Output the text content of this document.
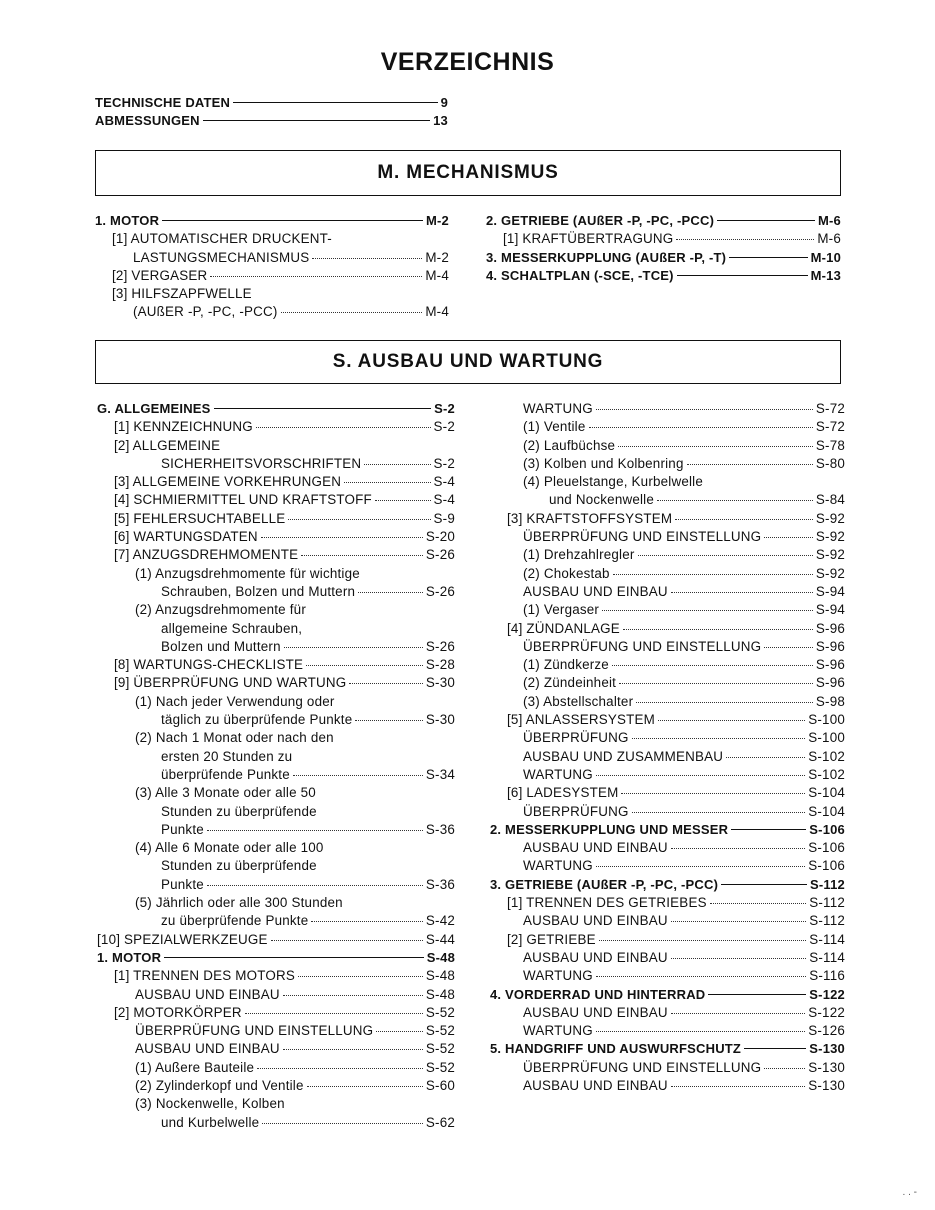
VERZEICHNIS
TECHNISCHE DATEN	9
ABMESSUNGEN	13
M. MECHANISMUS
1. MOTOR	M-2
[1] AUTOMATISCHER DRUCKENT-
LASTUNGSMECHANISMUS	M-2
[2] VERGASER	M-4
[3] HILFSZAPFWELLE
(AUßER -P, -PC, -PCC)	M-4
2. GETRIEBE (AUßER -P, -PC, -PCC)	M-6
[1] KRAFTÜBERTRAGUNG	M-6
3. MESSERKUPPLUNG (AUßER -P, -T)	M-10
4. SCHALTPLAN (-SCE, -TCE)	M-13
S. AUSBAU UND WARTUNG
G. ALLGEMEINES	S-2
[1] KENNZEICHNUNG	S-2
[2] ALLGEMEINE
SICHERHEITSVORSCHRIFTEN	S-2
[3] ALLGEMEINE VORKEHRUNGEN	S-4
[4] SCHMIERMITTEL UND KRAFTSTOFF	S-4
[5] FEHLERSUCHTABELLE	S-9
[6] WARTUNGSDATEN	S-20
[7] ANZUGSDREHMOMENTE	S-26
(1) Anzugsdrehmomente für wichtige
Schrauben, Bolzen und Muttern	S-26
(2) Anzugsdrehmomente für
allgemeine Schrauben,
Bolzen und Muttern	S-26
[8] WARTUNGS-CHECKLISTE	S-28
[9] ÜBERPRÜFUNG UND WARTUNG	S-30
(1) Nach jeder Verwendung oder
täglich zu überprüfende Punkte	S-30
(2) Nach 1 Monat oder nach den
ersten 20 Stunden zu
überprüfende Punkte	S-34
(3) Alle 3 Monate oder alle 50
Stunden zu überprüfende
Punkte	S-36
(4) Alle 6 Monate oder alle 100
Stunden zu überprüfende
Punkte	S-36
(5) Jährlich oder alle 300 Stunden
zu überprüfende Punkte	S-42
[10] SPEZIALWERKZEUGE	S-44
1. MOTOR	S-48
[1] TRENNEN DES MOTORS	S-48
AUSBAU UND EINBAU	S-48
[2] MOTORKÖRPER	S-52
ÜBERPRÜFUNG UND EINSTELLUNG	S-52
AUSBAU UND EINBAU	S-52
(1) Außere Bauteile	S-52
(2) Zylinderkopf und Ventile	S-60
(3) Nockenwelle, Kolben
und Kurbelwelle	S-62
WARTUNG	S-72
(1) Ventile	S-72
(2) Laufbüchse	S-78
(3) Kolben und Kolbenring	S-80
(4) Pleuelstange, Kurbelwelle
und Nockenwelle	S-84
[3] KRAFTSTOFFSYSTEM	S-92
ÜBERPRÜFUNG UND EINSTELLUNG	S-92
(1) Drehzahlregler	S-92
(2) Chokestab	S-92
AUSBAU UND EINBAU	S-94
(1) Vergaser	S-94
[4] ZÜNDANLAGE	S-96
ÜBERPRÜFUNG UND EINSTELLUNG	S-96
(1) Zündkerze	S-96
(2) Zündeinheit	S-96
(3) Abstellschalter	S-98
[5] ANLASSERSYSTEM	S-100
ÜBERPRÜFUNG	S-100
AUSBAU UND ZUSAMMENBAU	S-102
WARTUNG	S-102
[6] LADESYSTEM	S-104
ÜBERPRÜFUNG	S-104
2. MESSERKUPPLUNG UND MESSER	S-106
AUSBAU UND EINBAU	S-106
WARTUNG	S-106
3. GETRIEBE (AUßER -P, -PC, -PCC)	S-112
[1] TRENNEN DES GETRIEBES	S-112
AUSBAU UND EINBAU	S-112
[2] GETRIEBE	S-114
AUSBAU UND EINBAU	S-114
WARTUNG	S-116
4. VORDERRAD UND HINTERRAD	S-122
AUSBAU UND EINBAU	S-122
WARTUNG	S-126
5. HANDGRIFF UND AUSWURFSCHUTZ	S-130
ÜBERPRÜFUNG UND EINSTELLUNG	S-130
AUSBAU UND EINBAU	S-130
. . -
